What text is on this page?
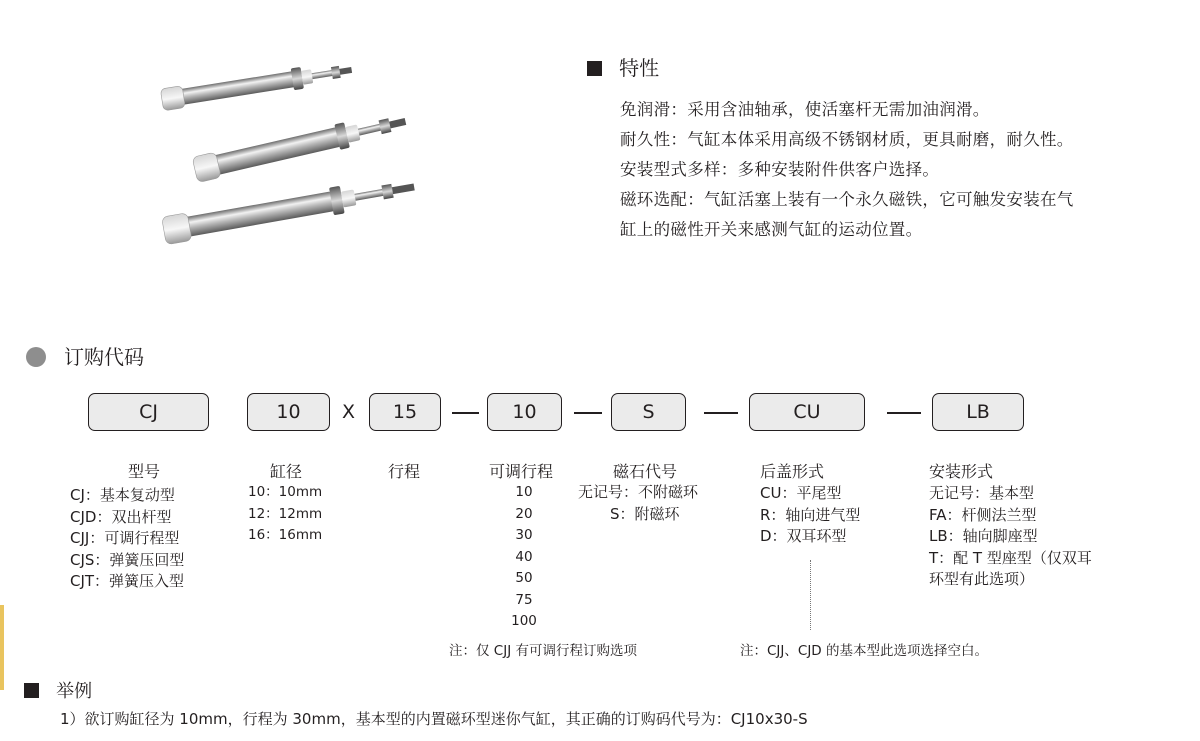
特性
免润滑：采用含油轴承，使活塞杆无需加油润滑。
耐久性：气缸本体采用高级不锈钢材质，更具耐磨，耐久性。
安装型式多样：多种安装附件供客户选择。
磁环选配：气缸活塞上装有一个永久磁铁，它可触发安装在气
缸上的磁性开关来感测气缸的运动位置。
订购代码
CJ	10	X	15	10	S	CU	LB
型号
CJ：基本复动型
CJD：双出杆型
CJJ：可调行程型
CJS：弹簧压回型
CJT：弹簧压入型
缸径
10：10mm
12：12mm
16：16mm
行程	可调行程
10
20
30
40
50
75
100
磁石代号
无记号：不附磁环
S：附磁环
后盖形式
CU：平尾型
R：轴向进气型
D：双耳环型
安装形式
无记号：基本型
FA：杆侧法兰型
LB：轴向脚座型
T：配 T 型座型（仅双耳
环型有此选项）
注：仅 CJJ 有可调行程订购选项	注：CJJ、CJD 的基本型此选项选择空白。
举例
1）欲订购缸径为 10mm，行程为 30mm，基本型的内置磁环型迷你气缸，其正确的订购码代号为：CJ10x30-S
